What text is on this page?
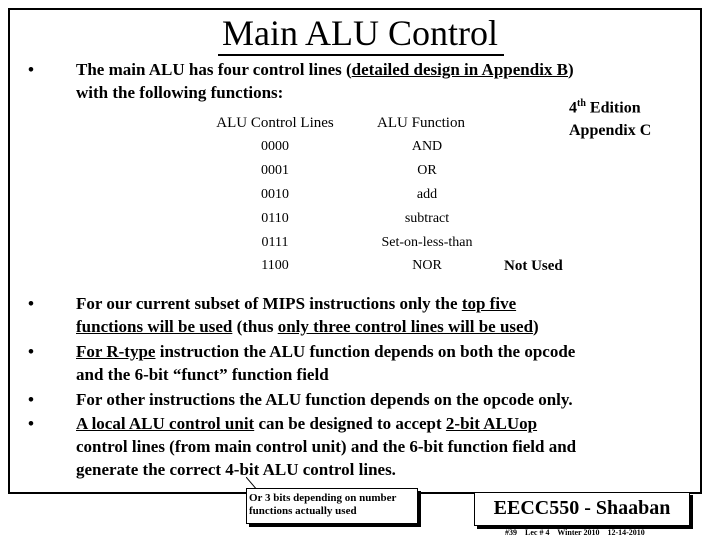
Main ALU Control
• The main ALU has four control lines (detailed design in Appendix B)
with the following functions:
4th Edition
Appendix C
ALU Control Lines	ALU Function
0000	AND
0001	OR
0010	add
0110	subtract
0111	Set-on-less-than
1100	NOR	Not Used
• For our current subset of MIPS instructions only the top five
functions will be used (thus only three control lines will be used)
• For R-type instruction the ALU function depends on both the opcode
and the 6-bit “funct” function field
• For other instructions the ALU function depends on the opcode only.
• A local ALU control unit can be designed to accept 2-bit ALUop
control lines (from main control unit) and the 6-bit function field and
generate the correct 4-bit ALU control lines.
Or 3 bits depending on number functions actually used	EECC550 - Shaaban
#39 Lec # 4 Winter 2010 12-14-2010
